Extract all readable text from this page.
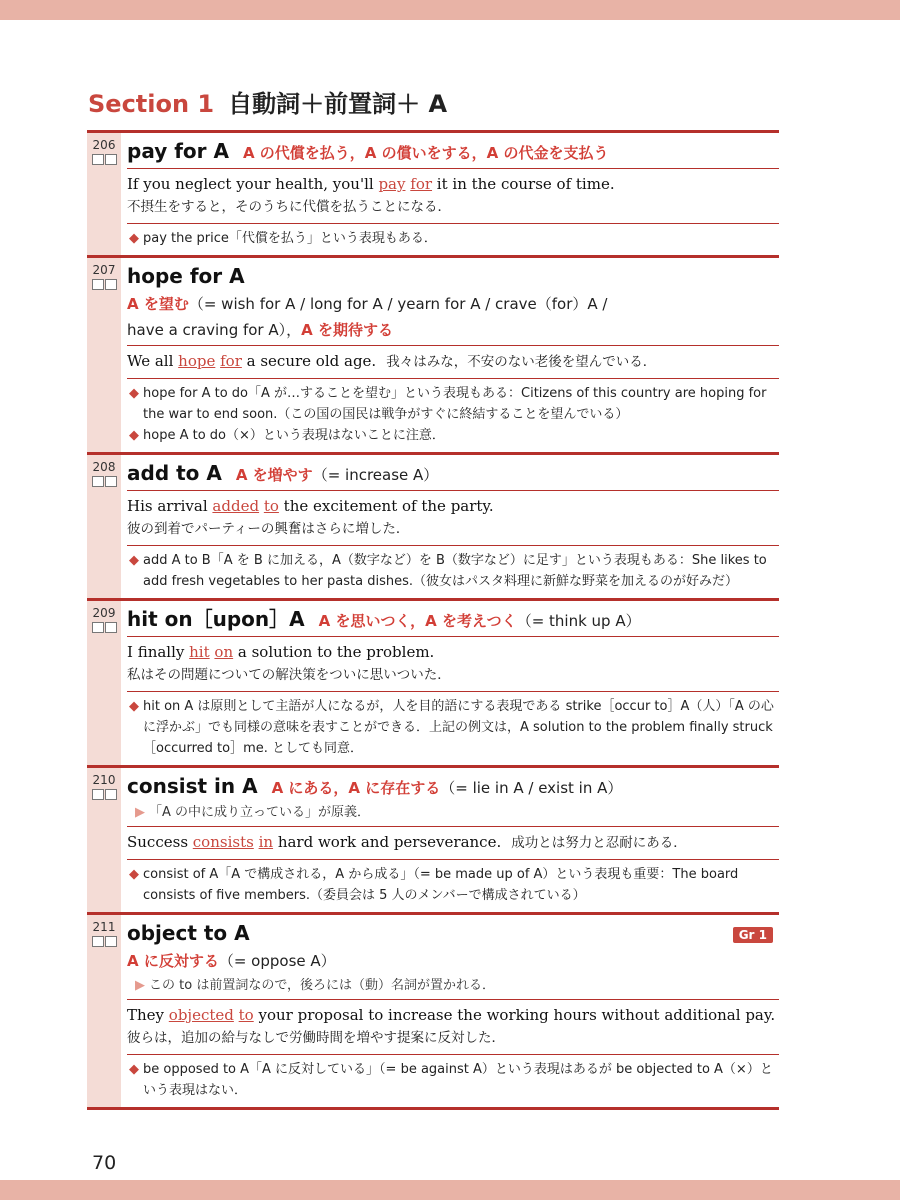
Section 1 自動詞＋前置詞＋ A
206 pay for A A の代償を払う，A の償いをする，A の代金を支払う
If you neglect your health, you'll pay for it in the course of time.
不摂生をすると，そのうちに代償を払うことになる．
◆ pay the price「代償を払う」という表現もある．
207 hope for A
A を望む（= wish for A / long for A / yearn for A / crave（for）A /
have a craving for A），A を期待する
We all hope for a secure old age. 我々はみな，不安のない老後を望んでいる．
◆ hope for A to do「A が…することを望む」という表現もある：Citizens of this country are hoping for the war to end soon.（この国の国民は戦争がすぐに終結することを望んでいる）
◆ hope A to do（×）という表現はないことに注意．
208 add to A A を増やす（= increase A）
His arrival added to the excitement of the party.
彼の到着でパーティーの興奮はさらに増した．
◆ add A to B「A を B に加える，A（数字など）を B（数字など）に足す」という表現もある：She likes to add fresh vegetables to her pasta dishes.（彼女はパスタ料理に新鮮な野菜を加えるのが好みだ）
209 hit on［upon］A A を思いつく，A を考えつく（= think up A）
I finally hit on a solution to the problem.
私はその問題についての解決策をついに思いついた．
◆ hit on A は原則として主語が人になるが，人を目的語にする表現である strike［occur to］A（人）「A の心に浮かぶ」でも同様の意味を表すことができる．上記の例文は，A solution to the problem finally struck［occurred to］me. としても同意．
210 consist in A A にある，A に存在する（= lie in A / exist in A）
▶ 「A の中に成り立っている」が原義．
Success consists in hard work and perseverance. 成功とは努力と忍耐にある．
◆ consist of A「A で構成される，A から成る」（= be made up of A）という表現も重要：The board consists of five members.（委員会は 5 人のメンバーで構成されている）
211
Gr 1
object to A
A に反対する（= oppose A）
▶ この to は前置詞なので，後ろには（動）名詞が置かれる．
They objected to your proposal to increase the working hours without additional pay.
彼らは，追加の給与なしで労働時間を増やす提案に反対した．
◆ be opposed to A「A に反対している」（= be against A）という表現はあるが be objected to A（×）という表現はない．
70
